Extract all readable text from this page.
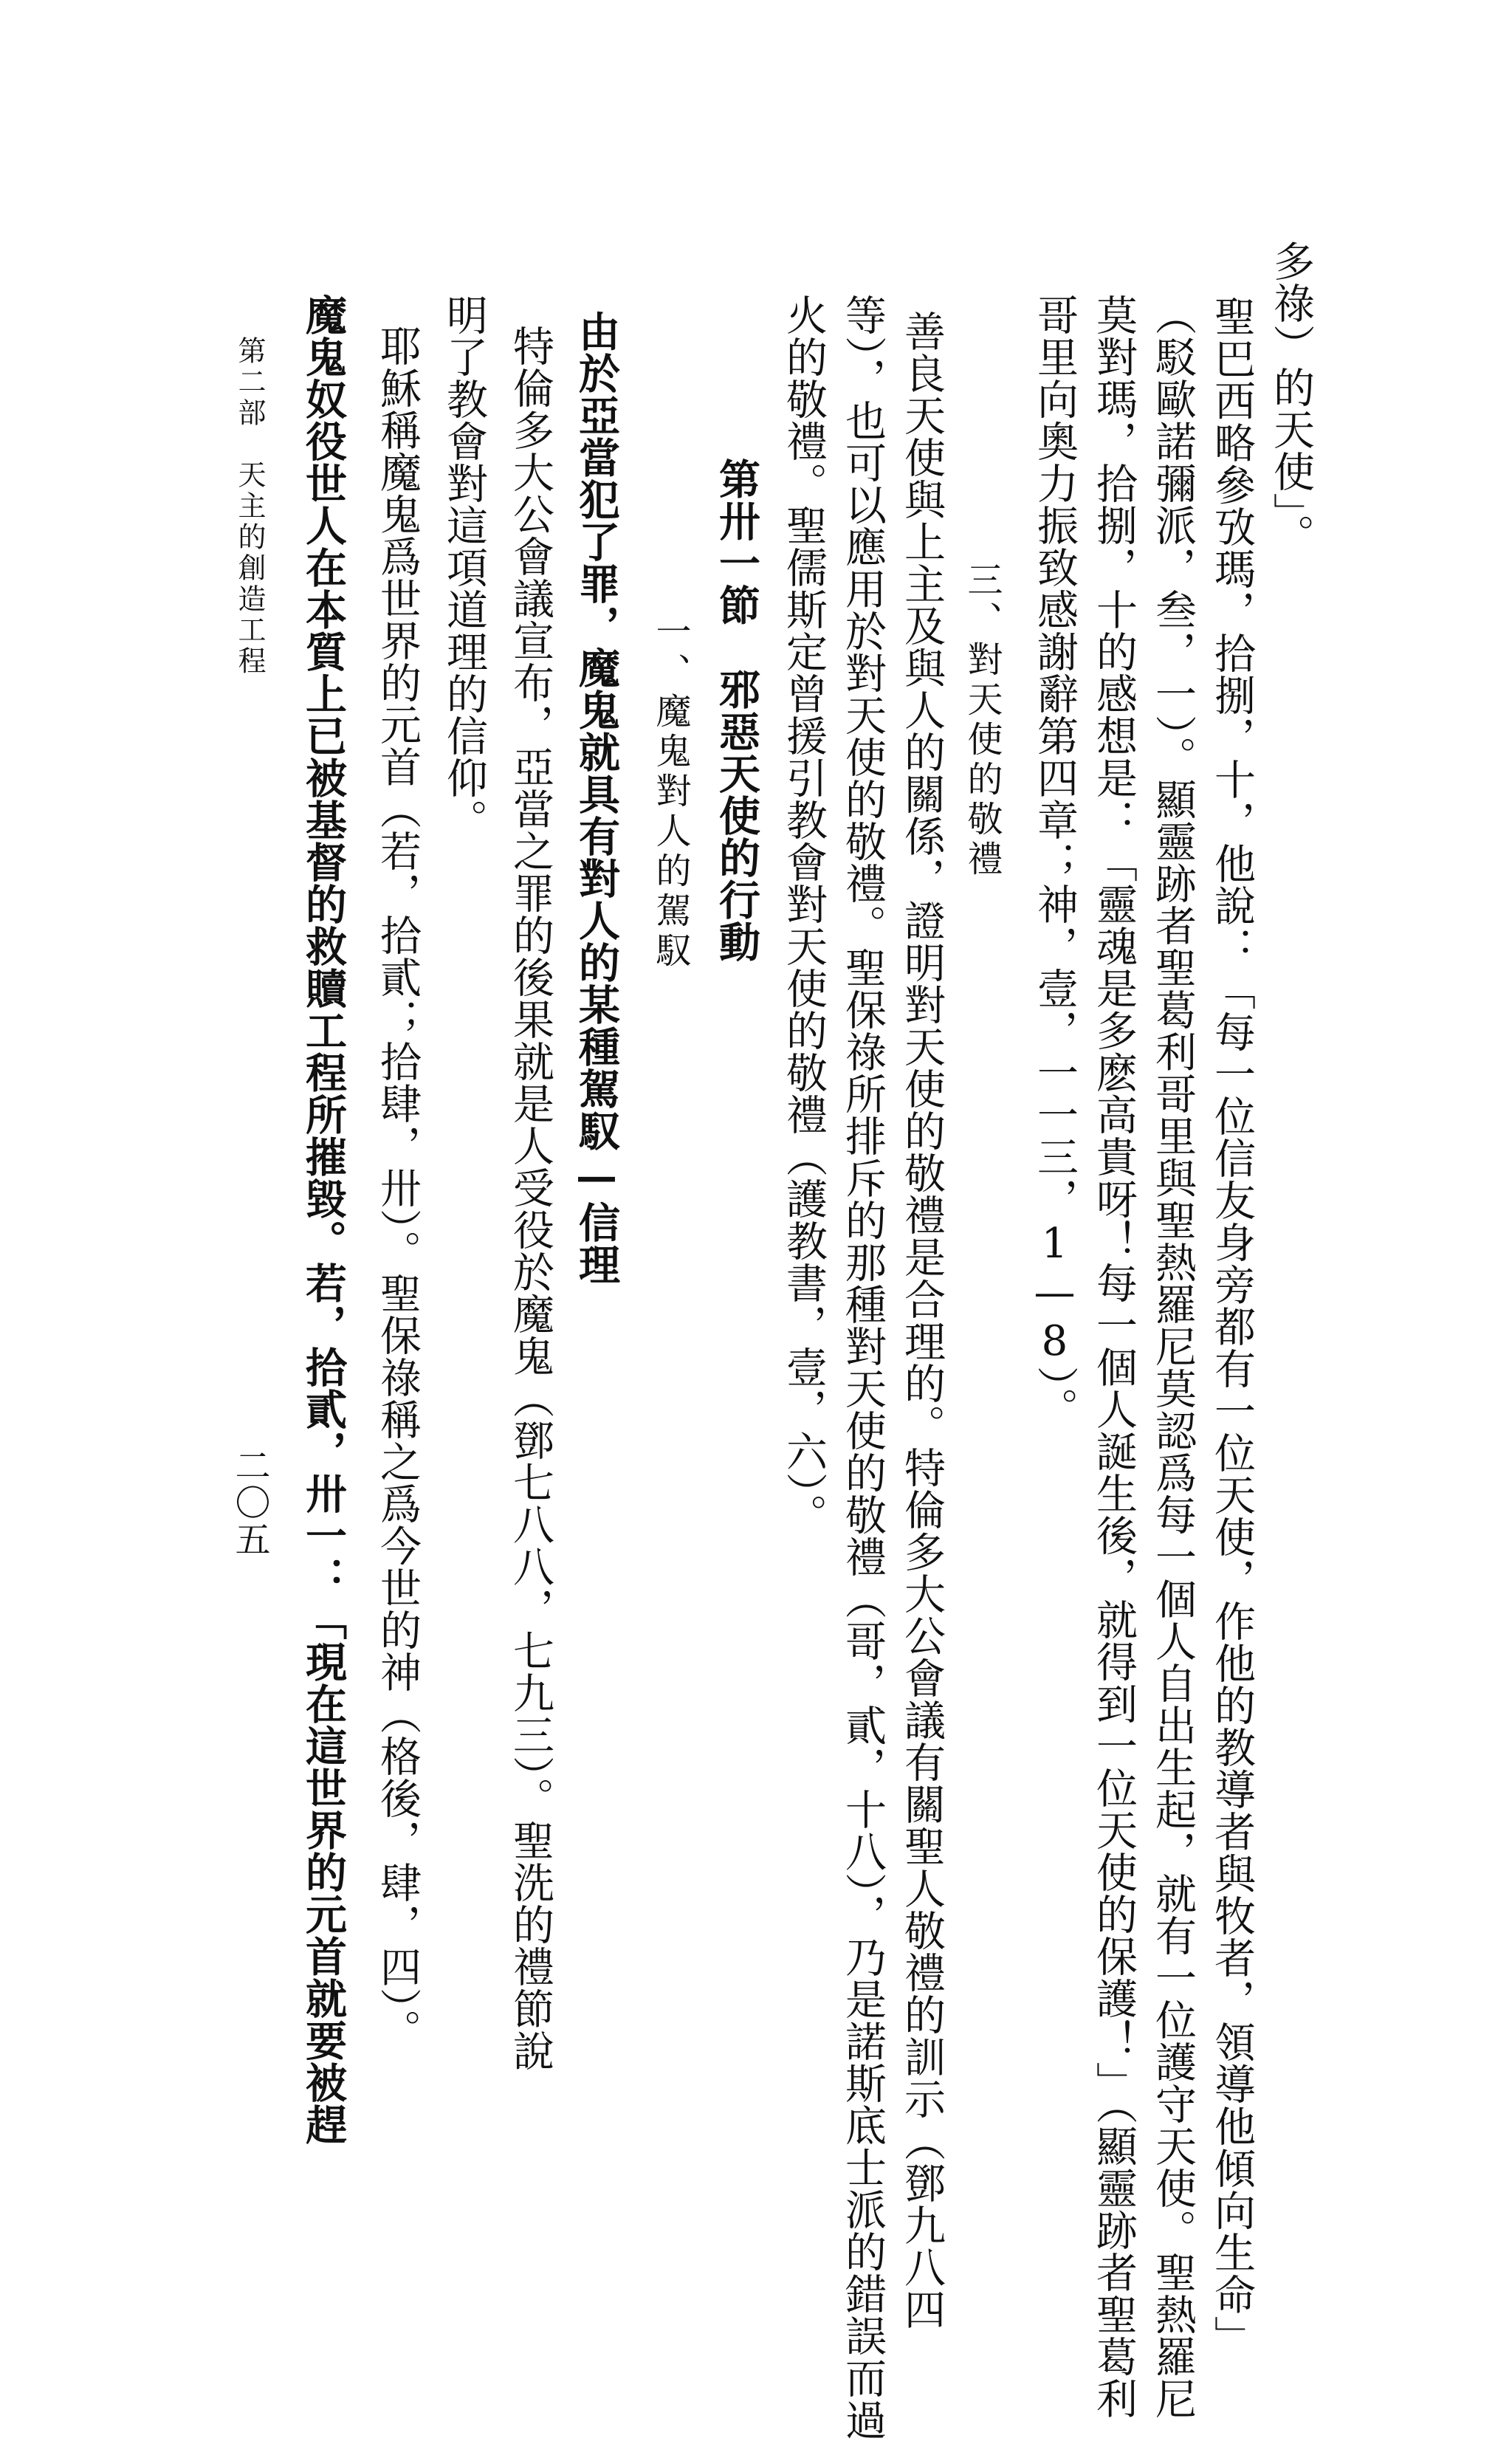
多祿）的天使」。
聖巴西略參攷瑪，拾捌，十，他說：「每一位信友身旁都有一位天使，作他的教導者與牧者，領導他傾向生命」
（駁歐諾彌派，叁，一）。顯靈跡者聖葛利哥里與聖熱羅尼莫認爲每一個人自出生起，就有一位護守天使。聖熱羅尼
莫對瑪，拾捌，十的感想是：「靈魂是多麽高貴呀！每一個人誕生後，就得到一位天使的保護！」（顯靈跡者聖葛利
哥里向奧力振致感謝辭第四章；神，壹，一一三，1—8）。
三、對天使的敬禮
善良天使與上主及與人的關係，證明對天使的敬禮是合理的。特倫多大公會議有關聖人敬禮的訓示（鄧九八四
等），也可以應用於對天使的敬禮。聖保祿所排斥的那種對天使的敬禮（哥，貳，十八），乃是諾斯底士派的錯誤而過
火的敬禮。聖儒斯定曾援引教會對天使的敬禮（護教書，壹，六）。
第卅一節　邪惡天使的行動
一、魔鬼對人的駕馭
由於亞當犯了罪，魔鬼就具有對人的某種駕馭—信理
特倫多大公會議宣布，亞當之罪的後果就是人受役於魔鬼（鄧七八八，七九三）。聖洗的禮節說
明了教會對這項道理的信仰。
耶穌稱魔鬼爲世界的元首（若，拾貳；拾肆，卅）。聖保祿稱之爲今世的神（格後，肆，四）。
魔鬼奴役世人在本質上已被基督的救贖工程所摧毀。若，拾貳，卅一：「現在這世界的元首就要被趕
第二部　天主的創造工程
二〇五
